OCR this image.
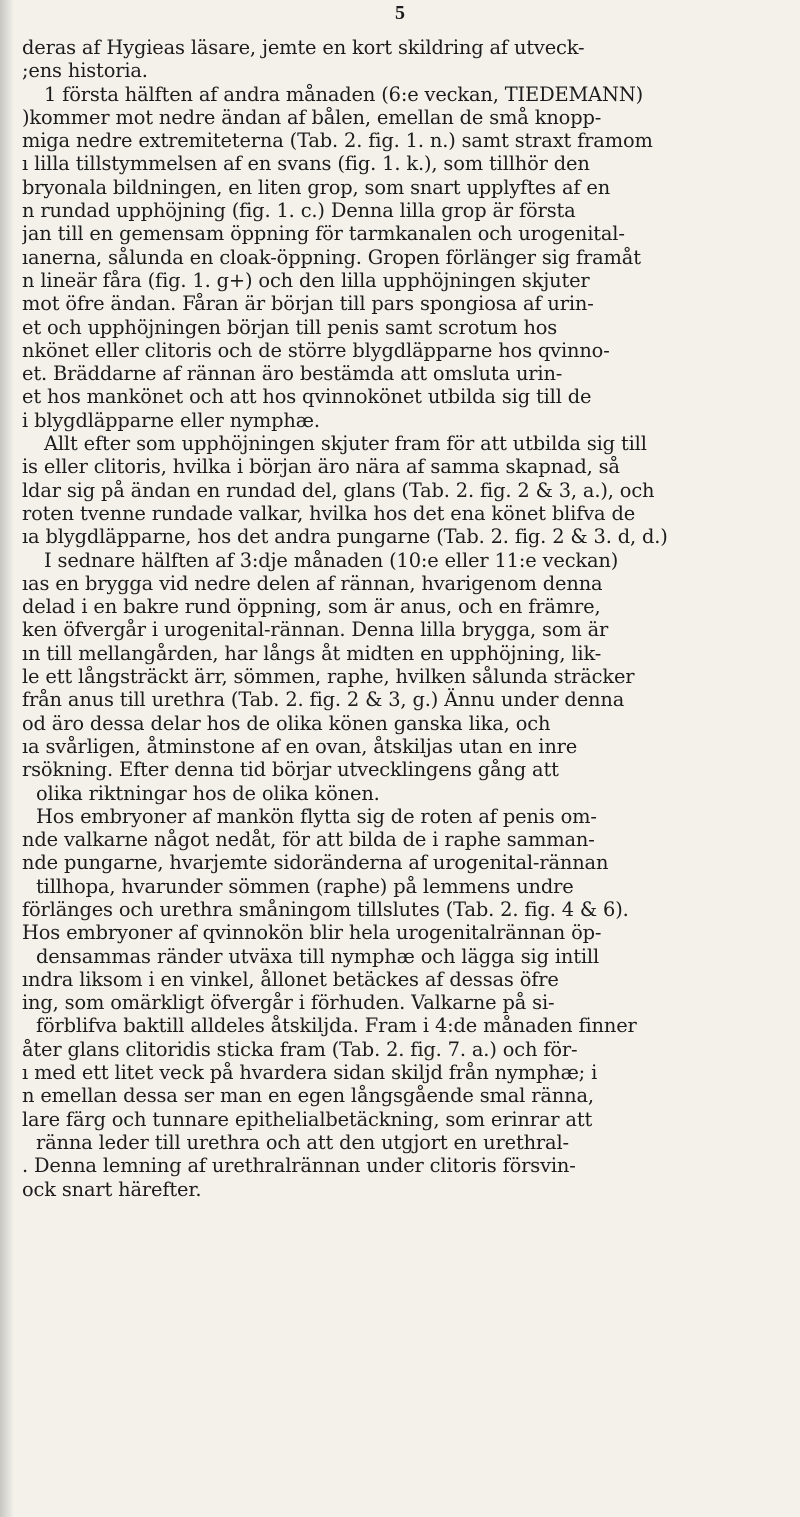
5
deras af Hygieas läsare, jemte en kort skildring af utveck-
;ens historia.
1 första hälften af andra månaden (6:e veckan, TIEDEMANN)
)kommer mot nedre ändan af bålen, emellan de små knopp-
miga nedre extremiteterna (Tab. 2. fig. 1. n.) samt straxt framom
ı lilla tillstymmelsen af en svans (fig. 1. k.), som tillhör den
bryonala bildningen, en liten grop, som snart upplyftes af en
n rundad upphöjning (fig. 1. c.) Denna lilla grop är första
jan till en gemensam öppning för tarmkanalen och urogenital-
ıanerna, sålunda en cloak-öppning. Gropen förlänger sig framåt
n lineär fåra (fig. 1. g+) och den lilla upphöjningen skjuter
mot öfre ändan. Fåran är början till pars spongiosa af urin-
et och upphöjningen början till penis samt scrotum hos
nkönet eller clitoris och de större blygdläpparne hos qvinno-
et. Bräddarne af rännan äro bestämda att omsluta urin-
et hos mankönet och att hos qvinnokönet utbilda sig till de
i blygdläpparne eller nymphæ.
Allt efter som upphöjningen skjuter fram för att utbilda sig till
is eller clitoris, hvilka i början äro nära af samma skapnad, så
ldar sig på ändan en rundad del, glans (Tab. 2. fig. 2 & 3, a.), och
roten tvenne rundade valkar, hvilka hos det ena könet blifva de
ıa blygdläpparne, hos det andra pungarne (Tab. 2. fig. 2 & 3. d, d.)
I sednare hälften af 3:dje månaden (10:e eller 11:e veckan)
ıas en brygga vid nedre delen af rännan, hvarigenom denna
delad i en bakre rund öppning, som är anus, och en främre,
ken öfvergår i urogenital-rännan. Denna lilla brygga, som är
ın till mellangården, har långs åt midten en upphöjning, lik-
le ett långsträckt ärr, sömmen, raphe, hvilken sålunda sträcker
från anus till urethra (Tab. 2. fig. 2 & 3, g.) Ännu under denna
od äro dessa delar hos de olika könen ganska lika, och
ıa svårligen, åtminstone af en ovan, åtskiljas utan en inre
rsökning. Efter denna tid börjar utvecklingens gång att
olika riktningar hos de olika könen.
Hos embryoner af mankön flytta sig de roten af penis om-
nde valkarne något nedåt, för att bilda de i raphe samman-
nde pungarne, hvarjemte sidoränderna af urogenital-rännan
tillhopa, hvarunder sömmen (raphe) på lemmens undre
förlänges och urethra småningom tillslutes (Tab. 2. fig. 4 & 6).
Hos embryoner af qvinnokön blir hela urogenitalrännan öp-
densammas ränder utväxa till nymphæ och lägga sig intill
ındra liksom i en vinkel, ållonet betäckes af dessas öfre
ing, som omärkligt öfvergår i förhuden. Valkarne på si-
förblifva baktill alldeles åtskiljda. Fram i 4:de månaden finner
åter glans clitoridis sticka fram (Tab. 2. fig. 7. a.) och för-
ı med ett litet veck på hvardera sidan skiljd från nymphæ; i
n emellan dessa ser man en egen långsgående smal ränna,
lare färg och tunnare epithelialbetäckning, som erinrar att
ränna leder till urethra och att den utgjort en urethral-
. Denna lemning af urethralrännan under clitoris försvin-
ock snart härefter.
